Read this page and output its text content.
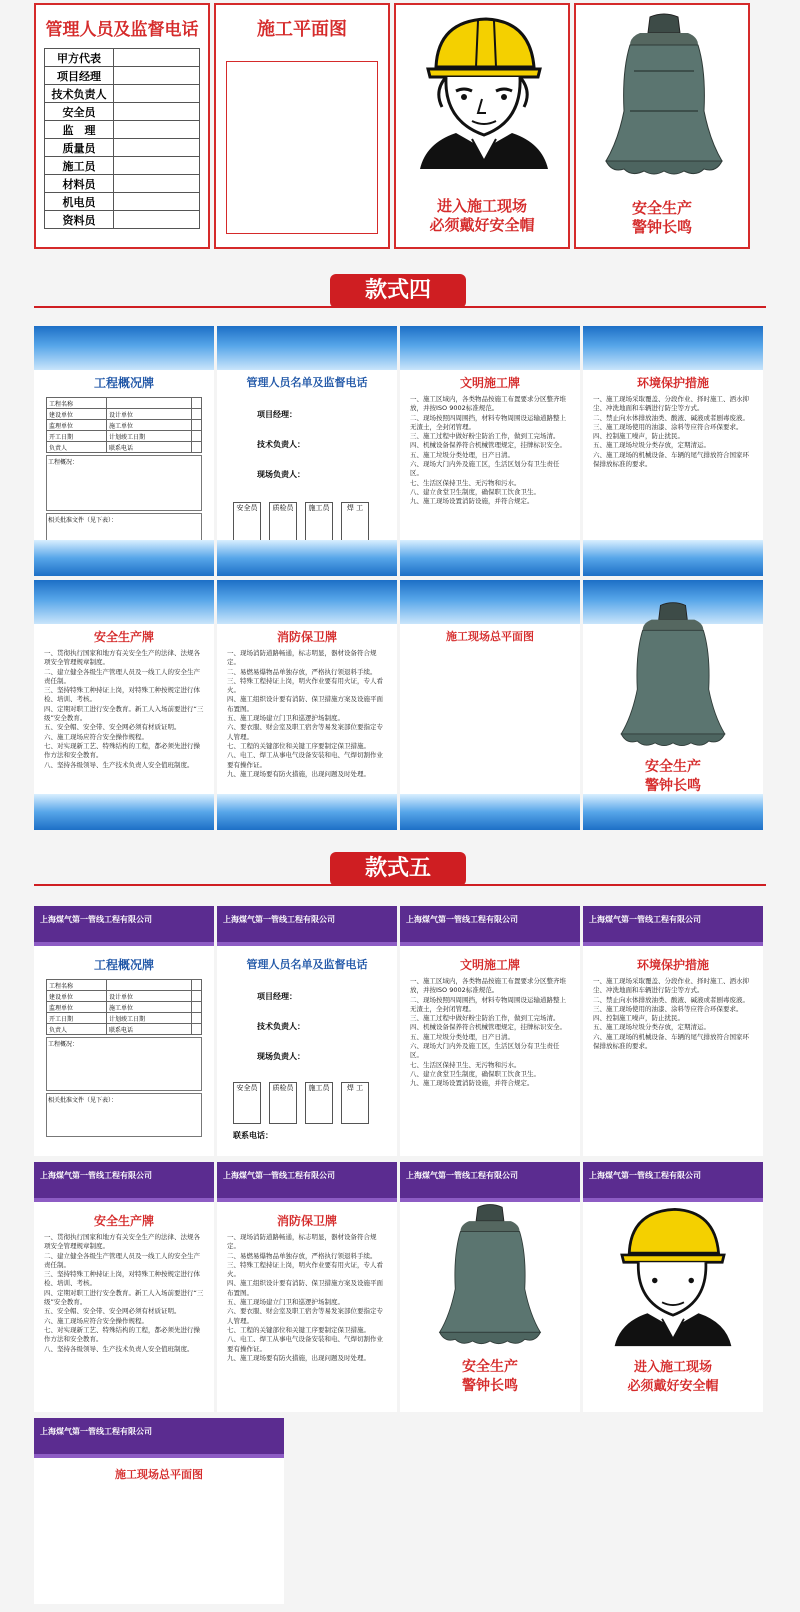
管理人员及监督电话
甲方代表	
项目经理	
技术负责人	
安全员	
监　理	
质量员	
施工员	
材料员	
机电员	
资料员	
施工平面图
进入施工现场
必须戴好安全帽
安全生产
警钟长鸣
款式四
工程概况牌
工程名称		
建设单位	设计单位	
监理单位	施工单位	
开工日期	计划竣工日期	
负责人	联系电话	
工程概况：
相关批准文件（见下表）：
管理人员名单及监督电话
项目经理：
技术负责人：
现场负责人：
安全员	质检员	施工员	焊 工
文明施工牌
一、施工区域内，各类物品按施工布置要求分区整齐堆放，并按ISO 9002标准规范。
二、现场按照四周围挡，材料专物周围设运输道路整上无渣土，全封闭管理。
三、施工过程中做好粉尘防治工作，做到工完场清。
四、机械设备保养符合机械管理规定，挂牌标识安全。
五、施工垃圾分类处理，日产日清。
六、现场大门内外及施工区，生活区划分有卫生责任区。
七、生活区保持卫生、无污物和污水。
八、建立食堂卫生制度，确保职工饮食卫生。
九、施工现场设置消防设施，并符合规定。
环境保护措施
一、施工现场采取覆盖、分段作业、择时施工、洒水抑尘、冲洗地面和车辆进行防尘等方式。
二、禁止向水体排放油类、酸液、碱液或者剧毒废液。
三、施工现场使用的油漆、涂料等应符合环保要求。
四、控制施工噪声，防止扰民。
五、施工现场垃圾分类存放，定期清运。
六、施工现场的机械设备、车辆的尾气排放符合国家环保排放标准的要求。
安全生产牌
一、贯彻执行国家和地方有关安全生产的法律、法规各项安全管理规章制度。
二、建立健全各级生产管理人员及一线工人的安全生产责任制。
三、坚持特殊工种持证上岗，对特殊工种按规定进行体检、培训、考核。
四、定期对职工进行安全教育。新工人入场前要进行“三级”安全教育。
五、安全帽、安全带、安全网必须有材质证明。
六、施工现场应符合安全操作规程。
七、对实现新工艺、特殊结构的工程，都必须先进行操作方法和安全教育。
八、坚持各级领导、生产技术负责人安全值班制度。
消防保卫牌
一、现场消防道路畅通，标志明显，器材设备符合规定。
二、易燃易爆物品单独存放，严格执行领退料手续。
三、特殊工程持证上岗，明火作业要有用火证，专人看火。
四、施工组织设计要有消防、保卫措施方案及设施平面布置图。
五、施工现场建立门卫和巡逻护场制度。
六、要衣服、财会室及职工宿舍等易发案部位要指定专人管理。
七、工程的关键部位和关键工序要制定保卫措施。
八、电工、焊工从事电气设备安装和电、气焊切割作业要有操作证。
九、施工现场要有防火措施，出现问题及时处理。
施工现场总平面图
安全生产
警钟长鸣
款式五
上海煤气第一管线工程有限公司
工程概况牌
工程名称		
建设单位	设计单位	
监理单位	施工单位	
开工日期	计划竣工日期	
负责人	联系电话	
工程概况：
相关批准文件（见下表）：
上海煤气第一管线工程有限公司
管理人员名单及监督电话
项目经理：
技术负责人：
现场负责人：
安全员	质检员	施工员	焊 工
联系电话：
上海煤气第一管线工程有限公司
文明施工牌
一、施工区域内，各类物品按施工布置要求分区整齐堆放，并按ISO 9002标准规范。
二、现场按照四周围挡，材料专物周围设运输道路整上无渣土，全封闭管理。
三、施工过程中做好粉尘防治工作，做到工完场清。
四、机械设备保养符合机械管理规定，挂牌标识安全。
五、施工垃圾分类处理，日产日清。
六、现场大门内外及施工区，生活区划分有卫生责任区。
七、生活区保持卫生、无污物和污水。
八、建立食堂卫生制度，确保职工饮食卫生。
九、施工现场设置消防设施，并符合规定。
上海煤气第一管线工程有限公司
环境保护措施
一、施工现场采取覆盖、分段作业、择时施工、洒水抑尘、冲洗地面和车辆进行防尘等方式。
二、禁止向水体排放油类、酸液、碱液或者剧毒废液。
三、施工现场使用的油漆、涂料等应符合环保要求。
四、控制施工噪声，防止扰民。
五、施工现场垃圾分类存放，定期清运。
六、施工现场的机械设备、车辆的尾气排放符合国家环保排放标准的要求。
上海煤气第一管线工程有限公司
安全生产牌
一、贯彻执行国家和地方有关安全生产的法律、法规各项安全管理规章制度。
二、建立健全各级生产管理人员及一线工人的安全生产责任制。
三、坚持特殊工种持证上岗，对特殊工种按规定进行体检、培训、考核。
四、定期对职工进行安全教育。新工人入场前要进行“三级”安全教育。
五、安全帽、安全带、安全网必须有材质证明。
六、施工现场应符合安全操作规程。
七、对实现新工艺、特殊结构的工程，都必须先进行操作方法和安全教育。
八、坚持各级领导、生产技术负责人安全值班制度。
上海煤气第一管线工程有限公司
消防保卫牌
一、现场消防道路畅通，标志明显，器材设备符合规定。
二、易燃易爆物品单独存放，严格执行领退料手续。
三、特殊工程持证上岗，明火作业要有用火证，专人看火。
四、施工组织设计要有消防、保卫措施方案及设施平面布置图。
五、施工现场建立门卫和巡逻护场制度。
六、要衣服、财会室及职工宿舍等易发案部位要指定专人管理。
七、工程的关键部位和关键工序要制定保卫措施。
八、电工、焊工从事电气设备安装和电、气焊切割作业要有操作证。
九、施工现场要有防火措施，出现问题及时处理。
上海煤气第一管线工程有限公司
安全生产
警钟长鸣
上海煤气第一管线工程有限公司
进入施工现场
必须戴好安全帽
上海煤气第一管线工程有限公司
施工现场总平面图
